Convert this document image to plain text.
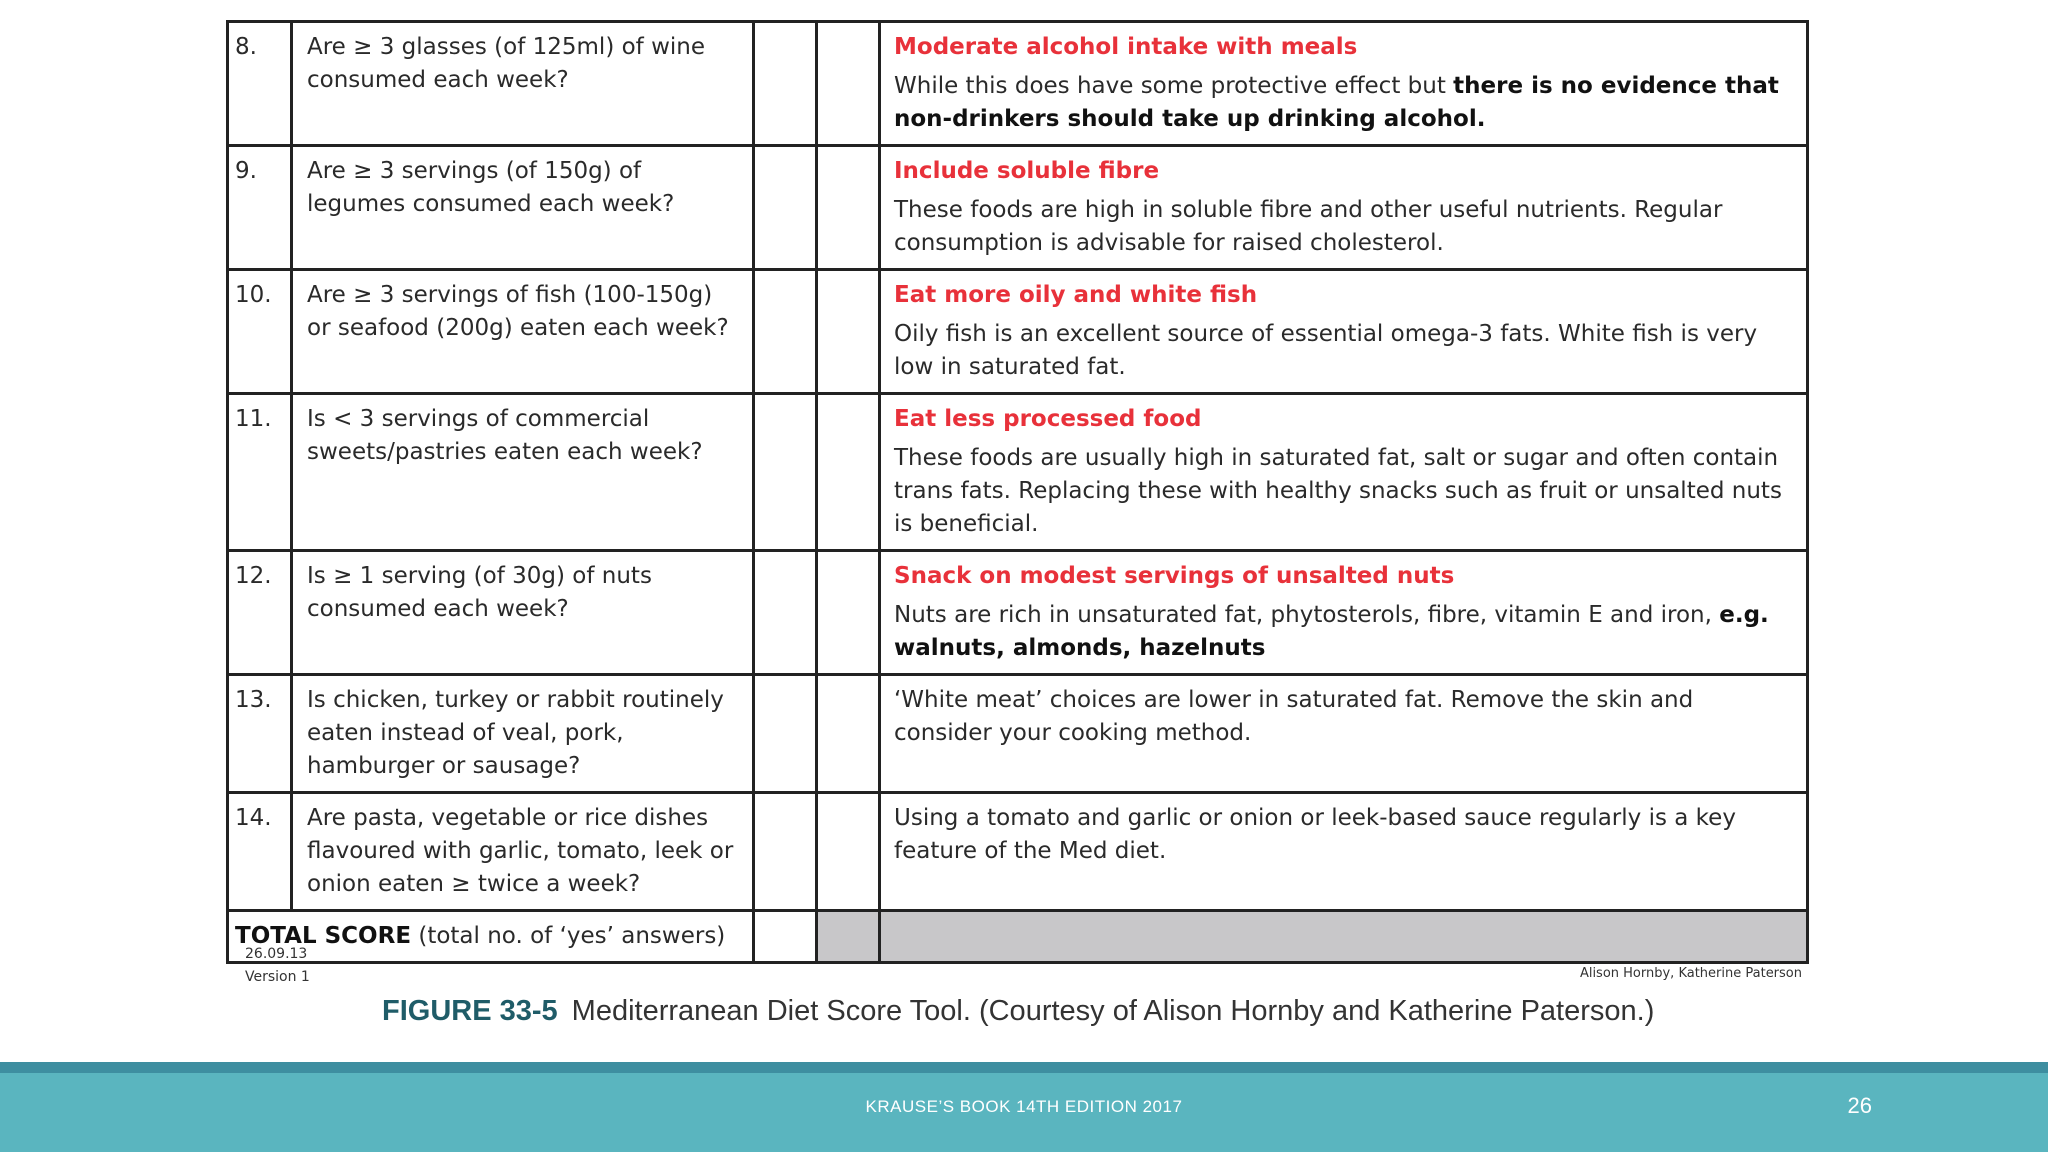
8.	Are ≥ 3 glasses (of 125ml) of wine consumed each week?			Moderate alcohol intake with meals
While this does have some protective effect but there is no evidence that non-drinkers should take up drinking alcohol.

9.	Are ≥ 3 servings (of 150g) of legumes consumed each week?			Include soluble fibre
These foods are high in soluble fibre and other useful nutrients. Regular consumption is advisable for raised cholesterol.

10.	Are ≥ 3 servings of fish (100-150g) or seafood (200g) eaten each week?			Eat more oily and white fish
Oily fish is an excellent source of essential omega-3 fats. White fish is very low in saturated fat.

11.	Is < 3 servings of commercial sweets/pastries eaten each week?			Eat less processed food
These foods are usually high in saturated fat, salt or sugar and often contain trans fats. Replacing these with healthy snacks such as fruit or unsalted nuts is beneficial.

12.	Is ≥ 1 serving (of 30g) of nuts consumed each week?			Snack on modest servings of unsalted nuts
Nuts are rich in unsaturated fat, phytosterols, fibre, vitamin E and iron, e.g. walnuts, almonds, hazelnuts

13.	Is chicken, turkey or rabbit routinely eaten instead of veal, pork, hamburger or sausage?			‘White meat’ choices are lower in saturated fat. Remove the skin and consider your cooking method.

14.	Are pasta, vegetable or rice dishes flavoured with garlic, tomato, leek or onion eaten ≥ twice a week?			Using a tomato and garlic or onion or leek-based sauce regularly is a key feature of the Med diet.

TOTAL SCORE (total no. of ‘yes’ answers)				
26.09.13
Version 1	Alison Hornby, Katherine Paterson
FIGURE 33-5 Mediterranean Diet Score Tool. (Courtesy of Alison Hornby and Katherine Paterson.)
KRAUSE’S BOOK 14TH EDITION 2017	26
